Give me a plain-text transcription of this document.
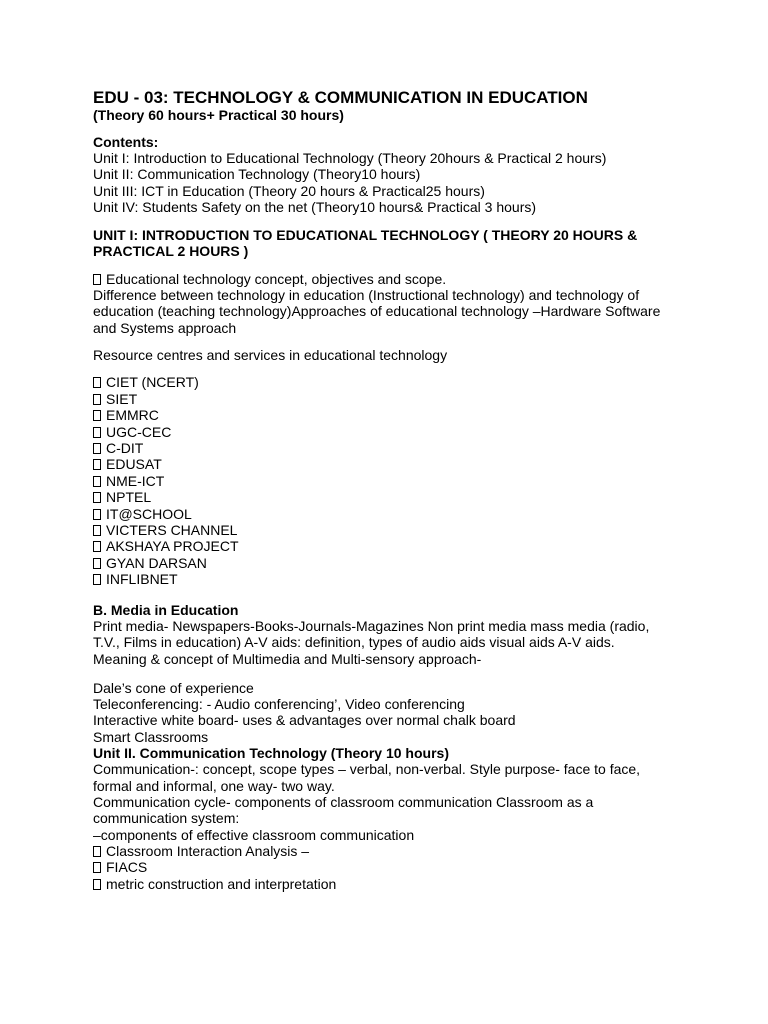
EDU - 03: TECHNOLOGY & COMMUNICATION IN EDUCATION

(Theory 60 hours+ Practical 30 hours)

Contents:

Unit I: Introduction to Educational Technology (Theory 20hours & Practical 2 hours)

Unit II: Communication Technology (Theory10 hours)

Unit III: ICT in Education (Theory 20 hours & Practical25 hours)

Unit IV: Students Safety on the net (Theory10 hours& Practical 3 hours)

UNIT I: INTRODUCTION TO EDUCATIONAL TECHNOLOGY ( THEORY 20 HOURS &
PRACTICAL 2 HOURS )

Educational technology concept, objectives and scope.

Difference between technology in education (Instructional technology) and technology of

education (teaching technology)Approaches of educational technology –Hardware Software

and Systems approach

Resource centres and services in educational technology

CIET (NCERT)

SIET

EMMRC

UGC-CEC

C-DIT

EDUSAT

NME-ICT

NPTEL

IT@SCHOOL

VICTERS CHANNEL

AKSHAYA PROJECT

GYAN DARSAN

INFLIBNET

B. Media in Education

Print media- Newspapers-Books-Journals-Magazines Non print media mass media (radio,

T.V., Films in education) A-V aids: definition, types of audio aids visual aids A-V aids.

Meaning & concept of Multimedia and Multi-sensory approach-

Dale’s cone of experience

Teleconferencing: - Audio conferencing’, Video conferencing

Interactive white board- uses & advantages over normal chalk board

Smart Classrooms

Unit II. Communication Technology (Theory 10 hours)

Communication-: concept, scope types – verbal, non-verbal. Style purpose- face to face,

formal and informal, one way- two way.

Communication cycle- components of classroom communication Classroom as a

communication system:

–components of effective classroom communication

Classroom Interaction Analysis –

FIACS

metric construction and interpretation
